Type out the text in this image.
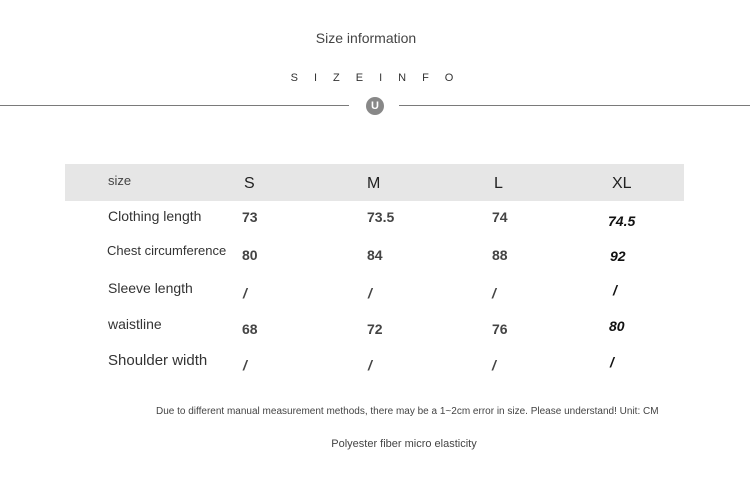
Size information
SIZEINFO
U
size	S	M	L	XL
Clothing length	73	73.5	74	74.5
Chest circumference 80	84	88	92
Sleeve length	/	/	/	/
waistline	68	72	76	80
Shoulder width	/	/	/	/
Due to different manual measurement methods, there may be a 1~2cm error in size. Please understand! Unit: CM
Polyester fiber micro elasticity
